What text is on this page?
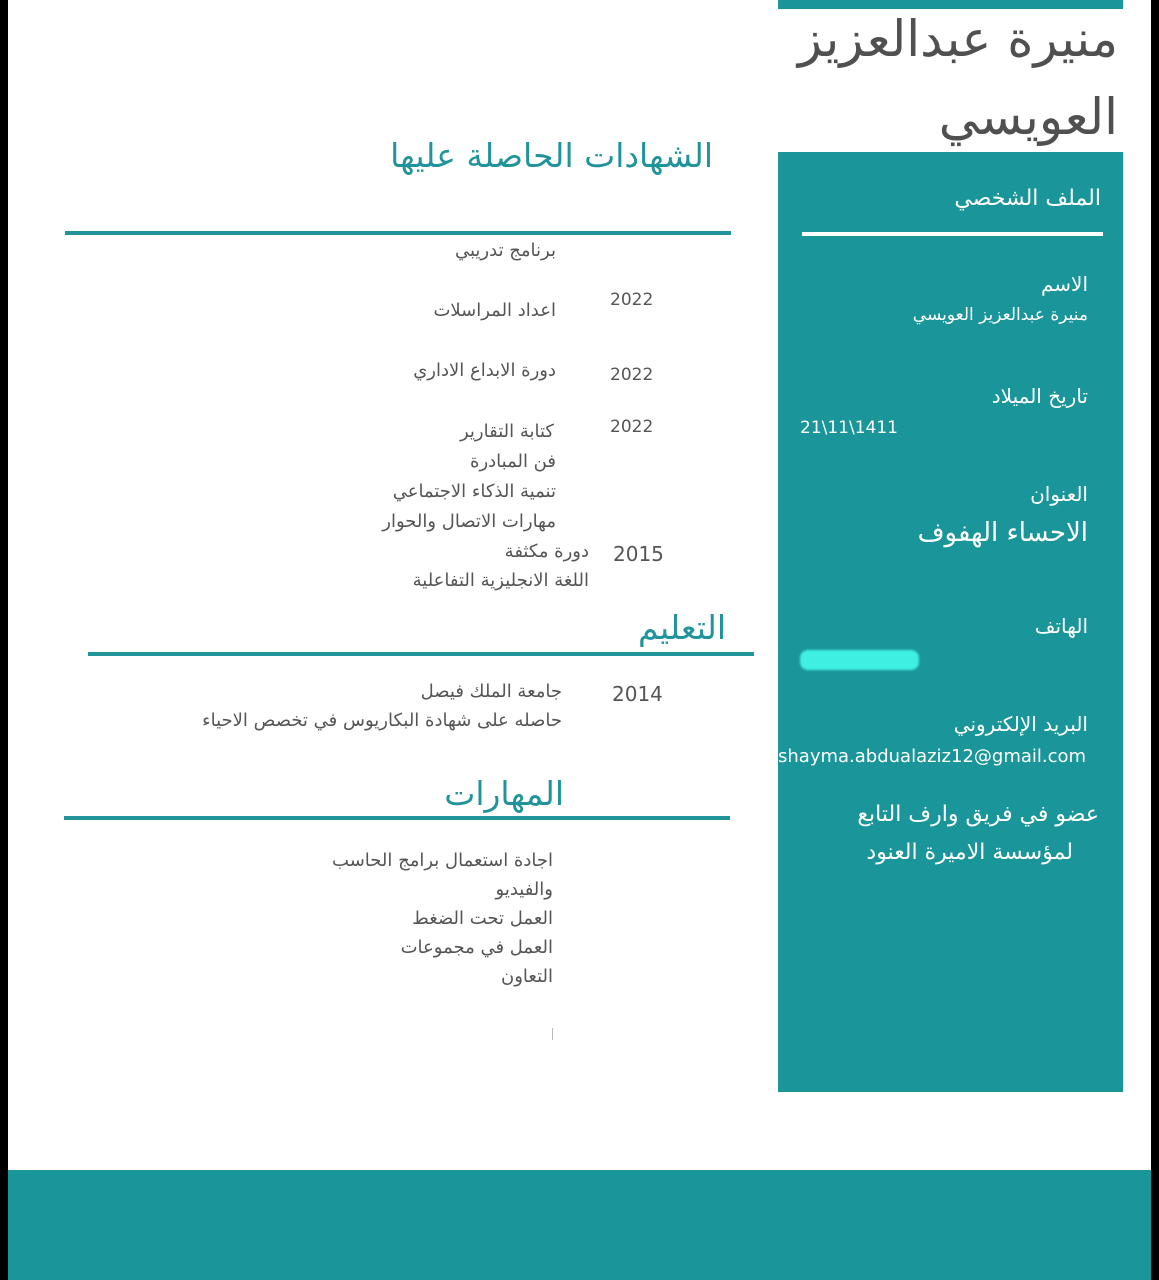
منيرة عبدالعزيز
العويسي
الملف الشخصي
الاسم
منيرة عبدالعزيز العويسي
تاريخ الميلاد
21\11\1411
العنوان
الاحساء الهفوف
الهاتف
البريد الإلكتروني
shayma.abdualaziz12@gmail.com
عضو في فريق وارف التابع
لمؤسسة الاميرة العنود
الشهادات الحاصلة عليها
برنامج تدريبي
2022
اعداد المراسلات
2022
دورة الابداع الاداري
2022
كتابة التقارير
فن المبادرة
تنمية الذكاء الاجتماعي
مهارات الاتصال والحوار
2015
دورة مكثفة
اللغة الانجليزية التفاعلية
التعليم
2014
جامعة الملك فيصل
حاصله على شهادة البكاريوس في تخصص الاحياء
المهارات
اجادة استعمال برامج الحاسب
والفيديو
العمل تحت الضغط
العمل في مجموعات
التعاون
